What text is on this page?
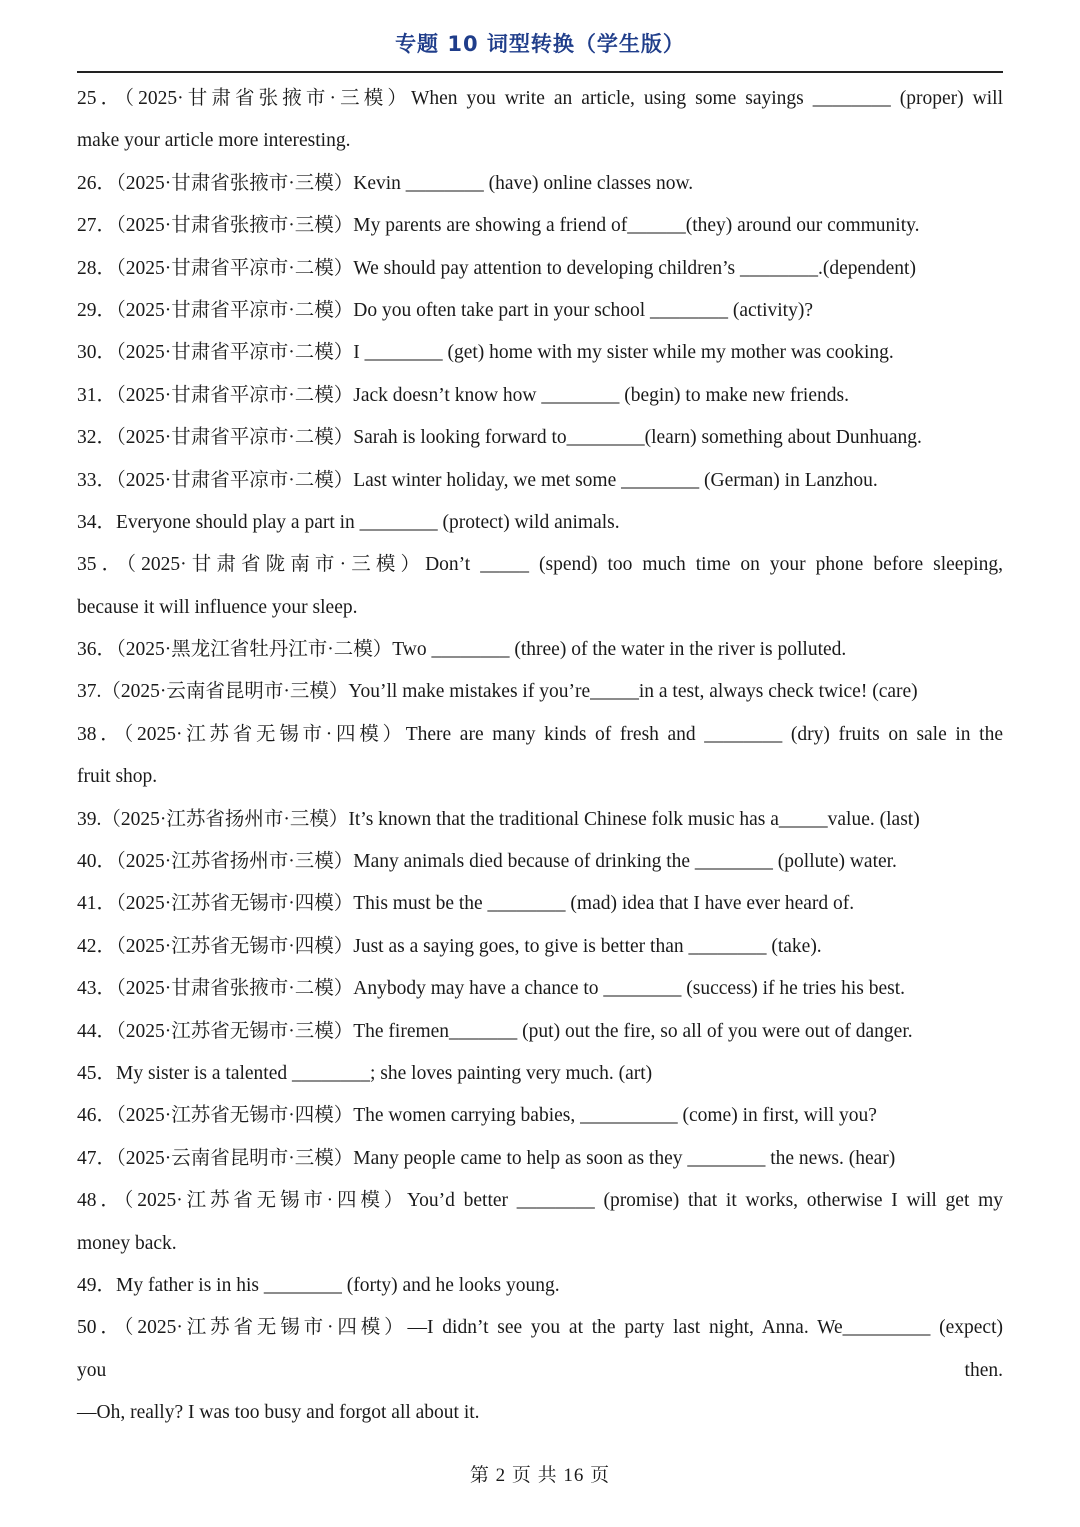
专题 10 词型转换（学生版）
25．（2025·甘肃省张掖市·三模）When you write an article, using some sayings ________ (proper) will
make your article more interesting.
26．（2025·甘肃省张掖市·三模）Kevin ________ (have) online classes now.
27．（2025·甘肃省张掖市·三模）My parents are showing a friend of______(they) around our community.
28．（2025·甘肃省平凉市·二模）We should pay attention to developing children’s ________.(dependent)
29．（2025·甘肃省平凉市·二模）Do you often take part in your school ________ (activity)?
30．（2025·甘肃省平凉市·二模）I ________ (get) home with my sister while my mother was cooking.
31．（2025·甘肃省平凉市·二模）Jack doesn’t know how ________ (begin) to make new friends.
32．（2025·甘肃省平凉市·二模）Sarah is looking forward to________(learn) something about Dunhuang.
33．（2025·甘肃省平凉市·二模）Last winter holiday, we met some ________ (German) in Lanzhou.
34．Everyone should play a part in ________ (protect) wild animals.
35．（2025·甘肃省陇南市·三模）Don’t _____ (spend) too much time on your phone before sleeping,
because it will influence your sleep.
36．（2025·黑龙江省牡丹江市·二模）Two ________ (three) of the water in the river is polluted.
37.（2025·云南省昆明市·三模）You’ll make mistakes if you’re_____in a test, always check twice! (care)
38．（2025·江苏省无锡市·四模）There are many kinds of fresh and ________ (dry) fruits on sale in the
fruit shop.
39.（2025·江苏省扬州市·三模）It’s known that the traditional Chinese folk music has a_____value. (last)
40．（2025·江苏省扬州市·三模）Many animals died because of drinking the ________ (pollute) water.
41．（2025·江苏省无锡市·四模）This must be the ________ (mad) idea that I have ever heard of.
42．（2025·江苏省无锡市·四模）Just as a saying goes, to give is better than ________ (take).
43．（2025·甘肃省张掖市·二模）Anybody may have a chance to ________ (success) if he tries his best.
44．（2025·江苏省无锡市·三模）The firemen_______ (put) out the fire, so all of you were out of danger.
45．My sister is a talented ________; she loves painting very much. (art)
46．（2025·江苏省无锡市·四模）The women carrying babies, __________ (come) in first, will you?
47．（2025·云南省昆明市·三模）Many people came to help as soon as they ________ the news. (hear)
48．（2025·江苏省无锡市·四模）You’d better ________ (promise) that it works, otherwise I will get my
money back.
49．My father is in his ________ (forty) and he looks young.
50．（2025·江苏省无锡市·四模）—I didn’t see you at the party last night, Anna. We_________ (expect)
you then.
—Oh, really? I was too busy and forgot all about it.
第 2 页 共 16 页
